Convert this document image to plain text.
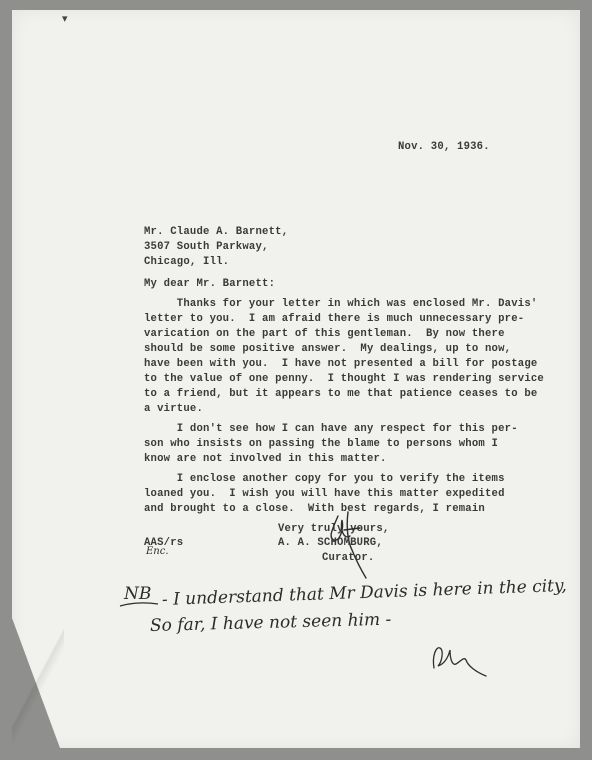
▾
Nov. 30, 1936.
Mr. Claude A. Barnett,
3507 South Parkway,
Chicago, Ill.
My dear Mr. Barnett:
Thanks for your letter in which was enclosed Mr. Davis'
letter to you.  I am afraid there is much unnecessary pre-
varication on the part of this gentleman.  By now there
should be some positive answer.  My dealings, up to now,
have been with you.  I have not presented a bill for postage
to the value of one penny.  I thought I was rendering service
to a friend, but it appears to me that patience ceases to be
a virtue.
I don't see how I can have any respect for this per-
son who insists on passing the blame to persons whom I
know are not involved in this matter.
I enclose another copy for you to verify the items
loaned you.  I wish you will have this matter expedited
and brought to a close.  With best regards, I remain
Very truly yours,
AAS/rs	A. A. SCHOMBURG,
Curator.
Enc.
NB - I understand that Mr Davis is here in the city,
So far, I have not seen him -
